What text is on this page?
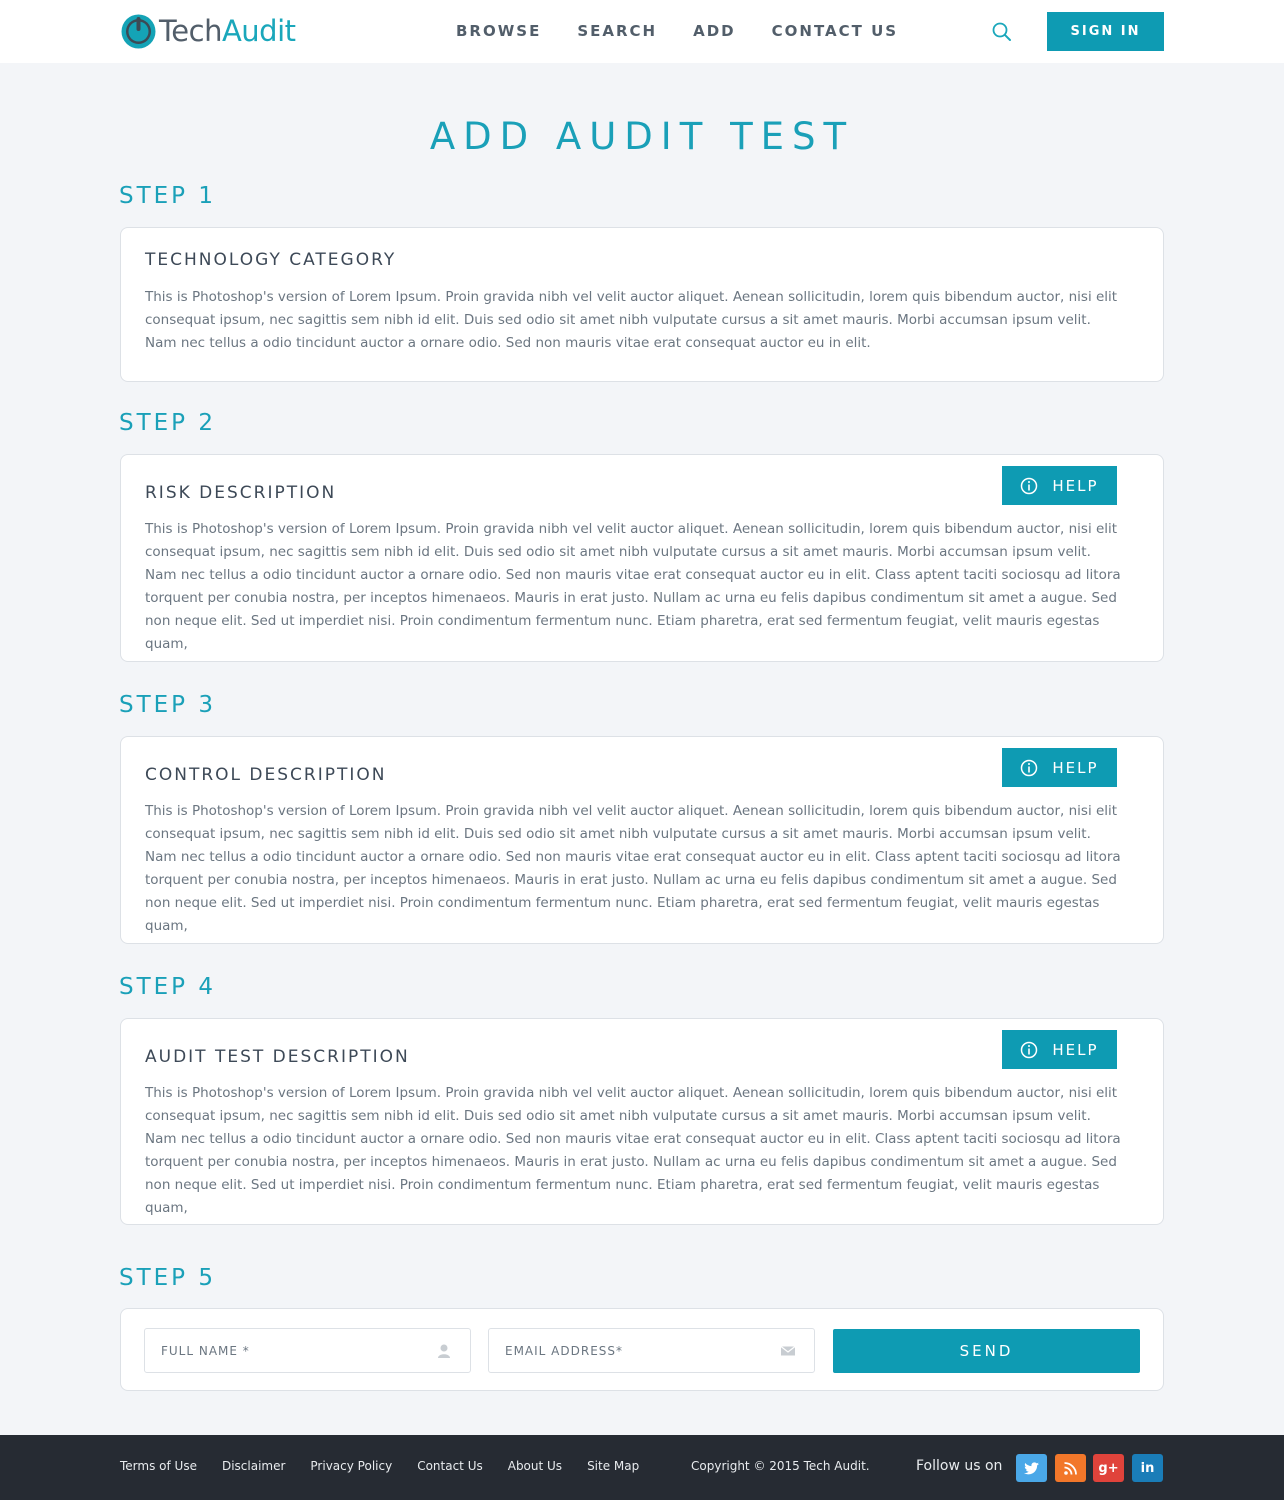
TechAudit	BROWSE SEARCH ADD CONTACT US	SIGN IN
ADD AUDIT TEST
STEP 1
TECHNOLOGY CATEGORY
This is Photoshop's version of Lorem Ipsum. Proin gravida nibh vel velit auctor aliquet. Aenean sollicitudin, lorem quis bibendum auctor, nisi elit consequat ipsum, nec sagittis sem nibh id elit. Duis sed odio sit amet nibh vulputate cursus a sit amet mauris. Morbi accumsan ipsum velit. Nam nec tellus a odio tincidunt auctor a ornare odio. Sed non mauris vitae erat consequat auctor eu in elit.
STEP 2
HELP
RISK DESCRIPTION
This is Photoshop's version of Lorem Ipsum. Proin gravida nibh vel velit auctor aliquet. Aenean sollicitudin, lorem quis bibendum auctor, nisi elit consequat ipsum, nec sagittis sem nibh id elit. Duis sed odio sit amet nibh vulputate cursus a sit amet mauris. Morbi accumsan ipsum velit. Nam nec tellus a odio tincidunt auctor a ornare odio. Sed non mauris vitae erat consequat auctor eu in elit. Class aptent taciti sociosqu ad litora torquent per conubia nostra, per inceptos himenaeos. Mauris in erat justo. Nullam ac urna eu felis dapibus condimentum sit amet a augue. Sed non neque elit. Sed ut imperdiet nisi. Proin condimentum fermentum nunc. Etiam pharetra, erat sed fermentum feugiat, velit mauris egestas quam,
STEP 3
HELP
CONTROL DESCRIPTION
This is Photoshop's version of Lorem Ipsum. Proin gravida nibh vel velit auctor aliquet. Aenean sollicitudin, lorem quis bibendum auctor, nisi elit consequat ipsum, nec sagittis sem nibh id elit. Duis sed odio sit amet nibh vulputate cursus a sit amet mauris. Morbi accumsan ipsum velit. Nam nec tellus a odio tincidunt auctor a ornare odio. Sed non mauris vitae erat consequat auctor eu in elit. Class aptent taciti sociosqu ad litora torquent per conubia nostra, per inceptos himenaeos. Mauris in erat justo. Nullam ac urna eu felis dapibus condimentum sit amet a augue. Sed non neque elit. Sed ut imperdiet nisi. Proin condimentum fermentum nunc. Etiam pharetra, erat sed fermentum feugiat, velit mauris egestas quam,
STEP 4
HELP
AUDIT TEST DESCRIPTION
This is Photoshop's version of Lorem Ipsum. Proin gravida nibh vel velit auctor aliquet. Aenean sollicitudin, lorem quis bibendum auctor, nisi elit consequat ipsum, nec sagittis sem nibh id elit. Duis sed odio sit amet nibh vulputate cursus a sit amet mauris. Morbi accumsan ipsum velit. Nam nec tellus a odio tincidunt auctor a ornare odio. Sed non mauris vitae erat consequat auctor eu in elit. Class aptent taciti sociosqu ad litora torquent per conubia nostra, per inceptos himenaeos. Mauris in erat justo. Nullam ac urna eu felis dapibus condimentum sit amet a augue. Sed non neque elit. Sed ut imperdiet nisi. Proin condimentum fermentum nunc. Etiam pharetra, erat sed fermentum feugiat, velit mauris egestas quam,
STEP 5
FULL NAME *
EMAIL ADDRESS*
SEND
Terms of Use Disclaimer Privacy Policy Contact Us About Us Site Map	Copyright © 2015 Tech Audit.	Follow us on	g+ in
